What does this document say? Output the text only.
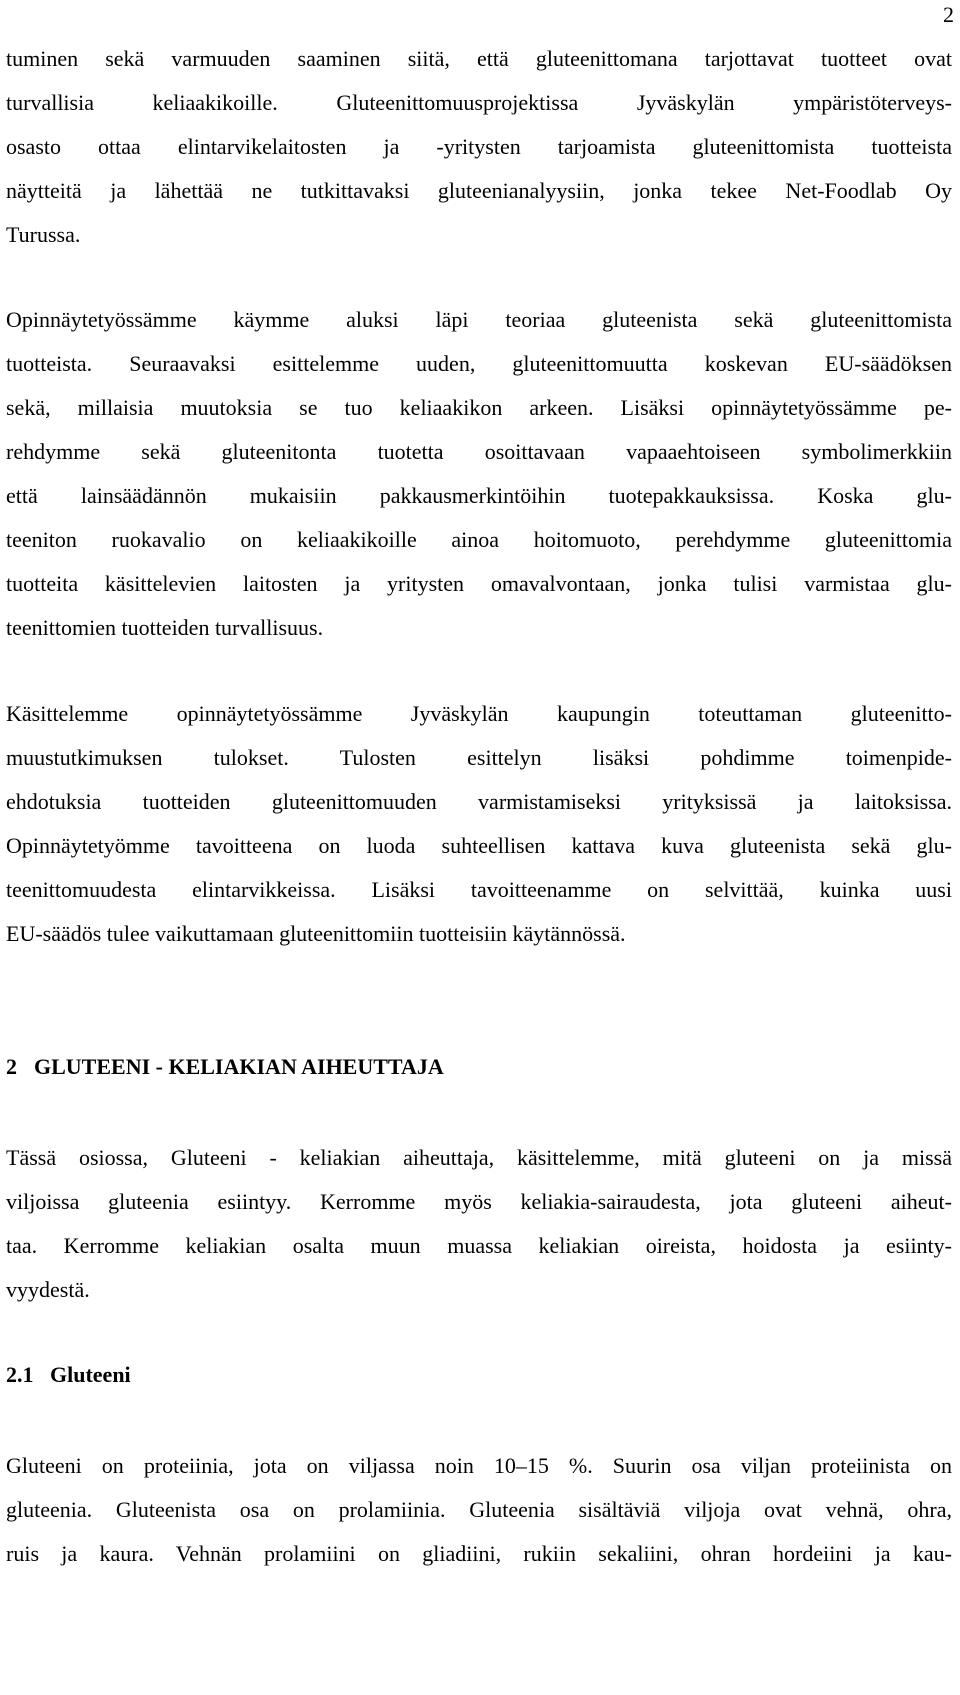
2
tuminen sekä varmuuden saaminen siitä, että gluteenittomana tarjottavat tuotteet ovat
turvallisia keliaakikoille. Gluteenittomuusprojektissa Jyväskylän ympäristöterveys-
osasto ottaa elintarvikelaitosten ja -yritysten tarjoamista gluteenittomista tuotteista
näytteitä ja lähettää ne tutkittavaksi gluteenianalyysiin, jonka tekee Net-Foodlab Oy
Turussa.
Opinnäytetyössämme käymme aluksi läpi teoriaa gluteenista sekä gluteenittomista
tuotteista. Seuraavaksi esittelemme uuden, gluteenittomuutta koskevan EU-säädöksen
sekä, millaisia muutoksia se tuo keliaakikon arkeen. Lisäksi opinnäytetyössämme pe-
rehdymme sekä gluteenitonta tuotetta osoittavaan vapaaehtoiseen symbolimerkkiin
että lainsäädännön mukaisiin pakkausmerkintöihin tuotepakkauksissa. Koska glu-
teeniton ruokavalio on keliaakikoille ainoa hoitomuoto, perehdymme gluteenittomia
tuotteita käsittelevien laitosten ja yritysten omavalvontaan, jonka tulisi varmistaa glu-
teenittomien tuotteiden turvallisuus.
Käsittelemme opinnäytetyössämme Jyväskylän kaupungin toteuttaman gluteenitto-
muustutkimuksen tulokset. Tulosten esittelyn lisäksi pohdimme toimenpide-
ehdotuksia tuotteiden gluteenittomuuden varmistamiseksi yrityksissä ja laitoksissa.
Opinnäytetyömme tavoitteena on luoda suhteellisen kattava kuva gluteenista sekä glu-
teenittomuudesta elintarvikkeissa. Lisäksi tavoitteenamme on selvittää, kuinka uusi
EU-säädös tulee vaikuttamaan gluteenittomiin tuotteisiin käytännössä.
2 GLUTEENI - KELIAKIAN AIHEUTTAJA
Tässä osiossa, Gluteeni - keliakian aiheuttaja, käsittelemme, mitä gluteeni on ja missä
viljoissa gluteenia esiintyy. Kerromme myös keliakia-sairaudesta, jota gluteeni aiheut-
taa. Kerromme keliakian osalta muun muassa keliakian oireista, hoidosta ja esiinty-
vyydestä.
2.1 Gluteeni
Gluteeni on proteiinia, jota on viljassa noin 10–15 %. Suurin osa viljan proteiinista on
gluteenia. Gluteenista osa on prolamiinia. Gluteenia sisältäviä viljoja ovat vehnä, ohra,
ruis ja kaura. Vehnän prolamiini on gliadiini, rukiin sekaliini, ohran hordeiini ja kau-
